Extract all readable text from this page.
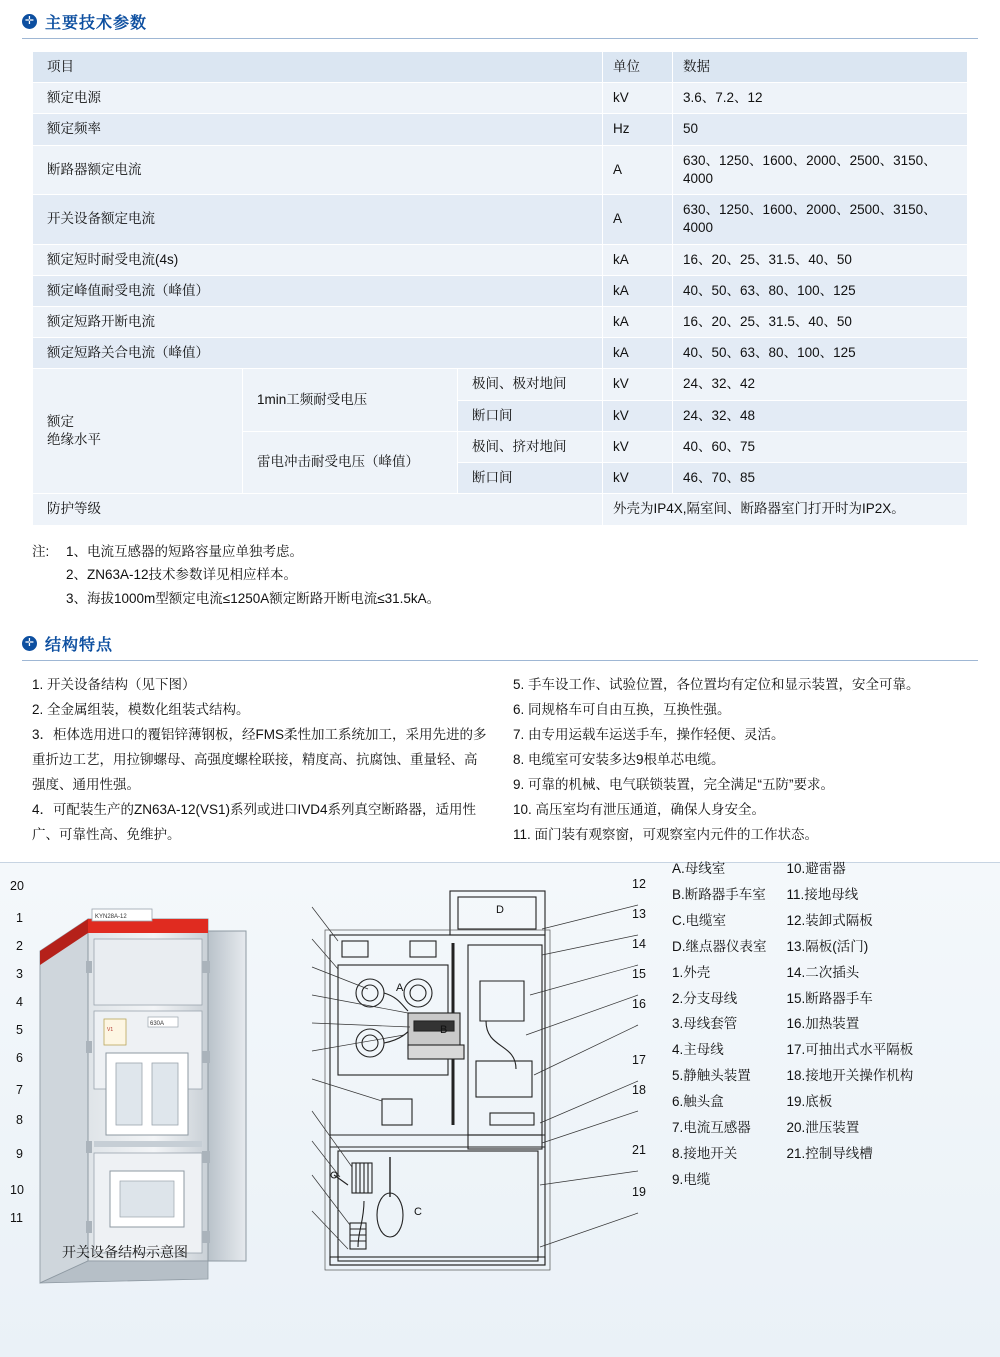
✛ 主要技术参数
项目			单位	数据
额定电源			kV	3.6、7.2、12
额定频率			Hz	50
断路器额定电流			A	630、1250、1600、2000、2500、3150、4000
开关设备额定电流			A	630、1250、1600、2000、2500、3150、4000
额定短时耐受电流(4s)			kA	16、20、25、31.5、40、50
额定峰值耐受电流（峰值）			kA	40、50、63、80、100、125
额定短路开断电流			kA	16、20、25、31.5、40、50
额定短路关合电流（峰值）			kA	40、50、63、80、100、125

额定
绝缘水平	1min工频耐受电压	极间、极对地间	kV	24、32、42
		断口间	kV	24、32、48
	雷电冲击耐受电压（峰值）	极间、挤对地间	kV	40、60、75
		断口间	kV	46、70、85
防护等级			外壳为IP4X,隔室间、断路器室门打开时为IP2X。	
注:	1、电流互感器的短路容量应单独考虑。
2、ZN63A-12技术参数详见相应样本。
3、海拔1000m型额定电流≤1250A额定断路开断电流≤31.5kA。
✛ 结构特点

1. 开关设备结构（见下图）

2. 全金属组装，模数化组装式结构。

3．柜体选用进口的覆铝锌薄钢板，经FMS柔性加工系统加工，采用先进的多重折边工艺，用拉铆螺母、高强度螺栓联接，精度高、抗腐蚀、重量轻、高强度、通用性强。

4．可配装生产的ZN63A-12(VS1)系列或进口IVD4系列真空断路器，适用性广、可靠性高、免维护。

5. 手车设工作、试验位置，各位置均有定位和显示装置，安全可靠。

6. 同规格车可自由互换，互换性强。

7. 由专用运载车运送手车，操作轻便、灵活。

8. 电缆室可安装多达9根单芯电缆。

9. 可靠的机械、电气联锁装置，完全满足“五防”要求。

10. 高压室均有泄压通道，确保人身安全。

11. 面门装有观察窗，可观察室内元件的工作状态。

KYN28A-12
V1
630A
A
B
C
D
20
1
2
3
4
5
6
7
8
9
10
11
12
13
14
15
16
17
18
21
19

A.母线室

B.断路器手车室

C.电缆室

D.继点器仪表室

1.外壳

2.分支母线

3.母线套管

4.主母线

5.静触头装置

6.触头盒

7.电流互感器

8.接地开关

9.电缆

10.避雷器

11.接地母线

12.装卸式隔板

13.隔板(活门)

14.二次插头

15.断路器手车

16.加热装置

17.可抽出式水平隔板

18.接地开关操作机构

19.底板

20.泄压装置

21.控制导线槽

开关设备结构示意图
